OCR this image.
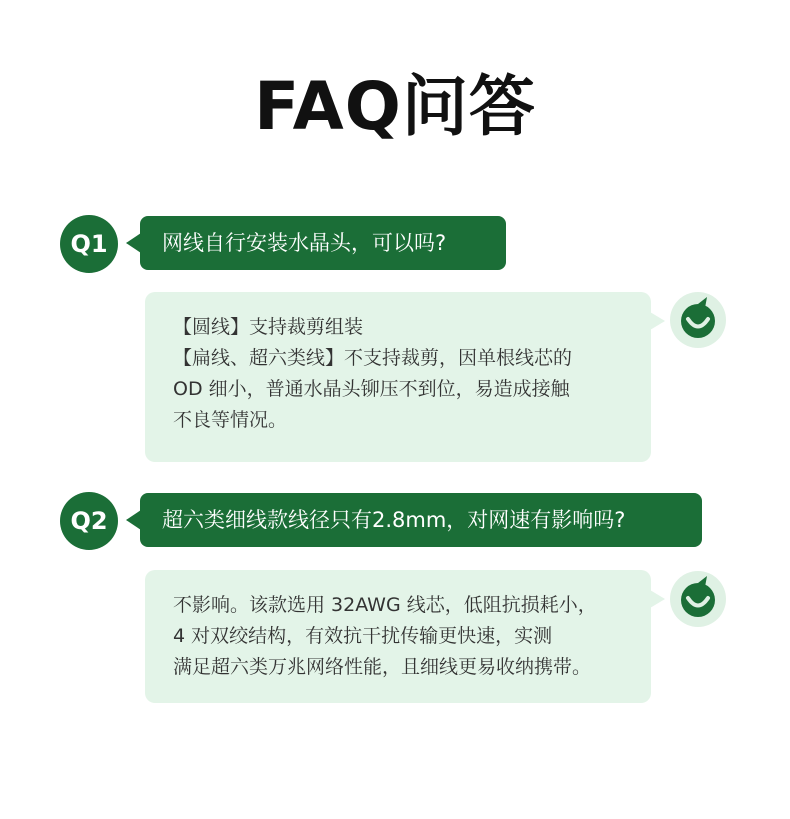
FAQ问答
Q1	网线自行安装水晶头，可以吗?
【圆线】支持裁剪组装
【扁线、超六类线】不支持裁剪，因单根线芯的
OD 细小，普通水晶头铆压不到位，易造成接触
不良等情况。
Q2	超六类细线款线径只有2.8mm，对网速有影响吗?
不影响。该款选用 32AWG 线芯，低阻抗损耗小，
4 对双绞结构，有效抗干扰传输更快速，实测
满足超六类万兆网络性能，且细线更易收纳携带。
